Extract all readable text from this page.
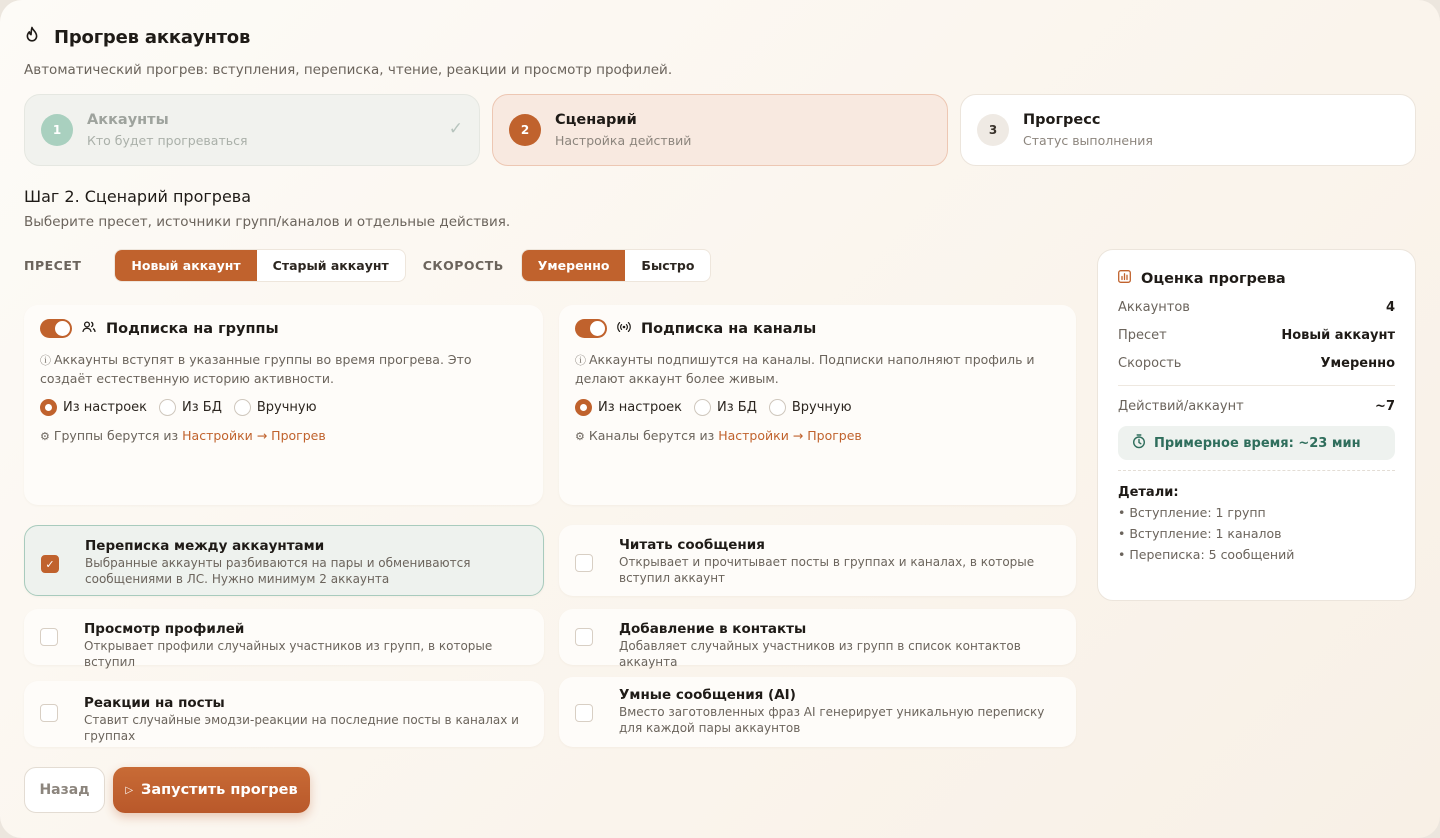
Прогрев аккаунтов
Автоматический прогрев: вступления, переписка, чтение, реакции и просмотр профилей.
1
Аккаунты
Кто будет прогреваться
✓	2
Сценарий
Настройка действий
3
Прогресс
Статус выполнения
Шаг 2. Сценарий прогрева
Выберите пресет, источники групп/каналов и отдельные действия.
ПРЕСЕТ	Новый аккаунт	Старый аккаунт	СКОРОСТЬ	Умеренно	Быстро
Подписка на группы
ⓘ Аккаунты вступят в указанные группы во время прогрева. Это создаёт естественную историю активности.
Из настроек	Из БД	Вручную
⚙ Группы берутся из Настройки → Прогрев
Подписка на каналы
ⓘ Аккаунты подпишутся на каналы. Подписки наполняют профиль и делают аккаунт более живым.
Из настроек	Из БД	Вручную
⚙ Каналы берутся из Настройки → Прогрев
✓
Переписка между аккаунтами
Выбранные аккаунты разбиваются на пары и обмениваются сообщениями в ЛС. Нужно минимум 2 аккаунта
Читать сообщения
Открывает и прочитывает посты в группах и каналах, в которые вступил аккаунт
Просмотр профилей
Открывает профили случайных участников из групп, в которые вступил
Добавление в контакты
Добавляет случайных участников из групп в список контактов аккаунта
Реакции на посты
Ставит случайные эмодзи-реакции на последние посты в каналах и группах
Умные сообщения (AI)
Вместо заготовленных фраз AI генерирует уникальную переписку для каждой пары аккаунтов
Оценка прогрева
Аккаунтов	4
Пресет	Новый аккаунт
Скорость	Умеренно
Действий/аккаунт	~7
Примерное время: ~23 мин
Детали:
• Вступление: 1 групп
• Вступление: 1 каналов
• Переписка: 5 сообщений
Назад	▷ Запустить прогрев
